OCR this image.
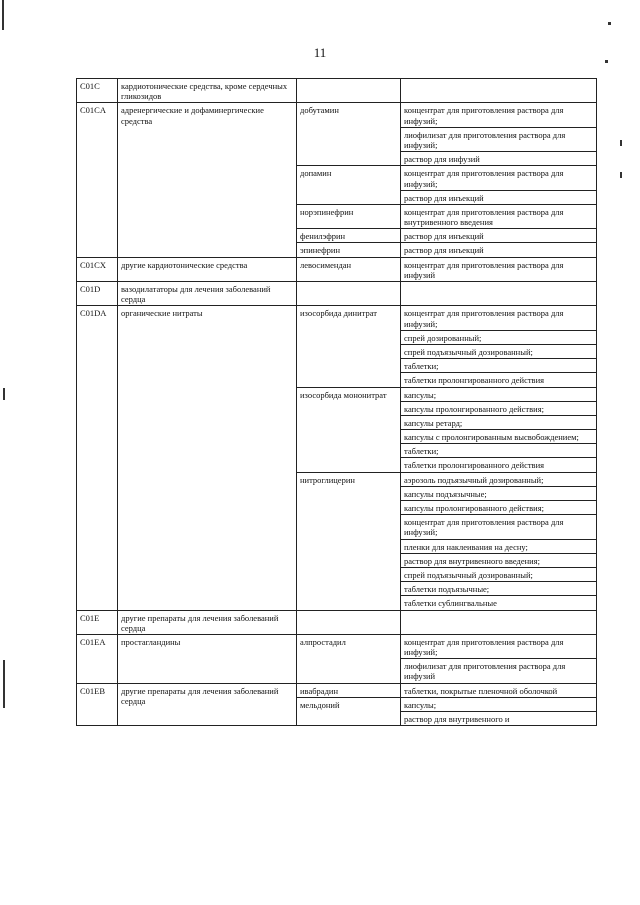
11
C01C	кардиотонические средства, кроме сердечных гликозидов		
C01CA	адренергические и дофаминергические средства	добутамин	концентрат для приготовления раствора для инфузий;
			лиофилизат для приготовления раствора для инфузий;
			раствор для инфузий
		допамин	концентрат для приготовления раствора для инфузий;
			раствор для инъекций
		норэпинефрин	концентрат для приготовления раствора для внутривенного введения
		фенилэфрин	раствор для инъекций
		эпинефрин	раствор для инъекций
C01CX	другие кардиотонические средства	левосимендан	концентрат для приготовления раствора для инфузий
C01D	вазодилататоры для лечения заболеваний сердца		
C01DA	органические нитраты	изосорбида динитрат	концентрат для приготовления раствора для инфузий;
			спрей дозированный;
			спрей подъязычный дозированный;
			таблетки;
			таблетки пролонгированного действия
		изосорбида мононитрат	капсулы;
			капсулы пролонгированного действия;
			капсулы ретард;
			капсулы с пролонгированным высвобождением;
			таблетки;
			таблетки пролонгированного действия
		нитроглицерин	аэрозоль подъязычный дозированный;
			капсулы подъязычные;
			капсулы пролонгированного действия;
			концентрат для приготовления раствора для инфузий;
			пленки для наклеивания на десну;
			раствор для внутривенного введения;
			спрей подъязычный дозированный;
			таблетки подъязычные;
			таблетки сублингвальные
C01E	другие препараты для лечения заболеваний сердца		
C01EA	простагландины	алпростадил	концентрат для приготовления раствора для инфузий;
			лиофилизат для приготовления раствора для инфузий
C01EB	другие препараты для лечения заболеваний сердца	ивабрадин	таблетки, покрытые пленочной оболочкой
		мельдоний	капсулы;
			раствор для внутривенного и
